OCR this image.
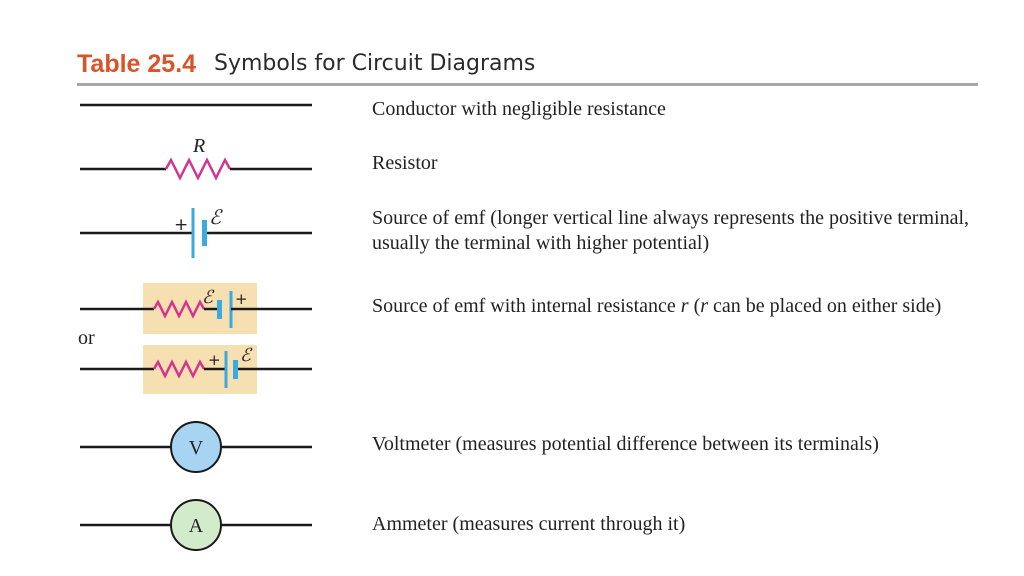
Table 25.4 Symbols for Circuit Diagrams
R
+ ℰ
ℰ +
+ ℰ
V
A
or

Conductor with negligible resistance

Resistor

Source of emf (longer vertical line always represents the positive terminal, usually the terminal with higher potential)

Source of emf with internal resistance r (r can be placed on either side)

Voltmeter (measures potential difference between its terminals)

Ammeter (measures current through it)
